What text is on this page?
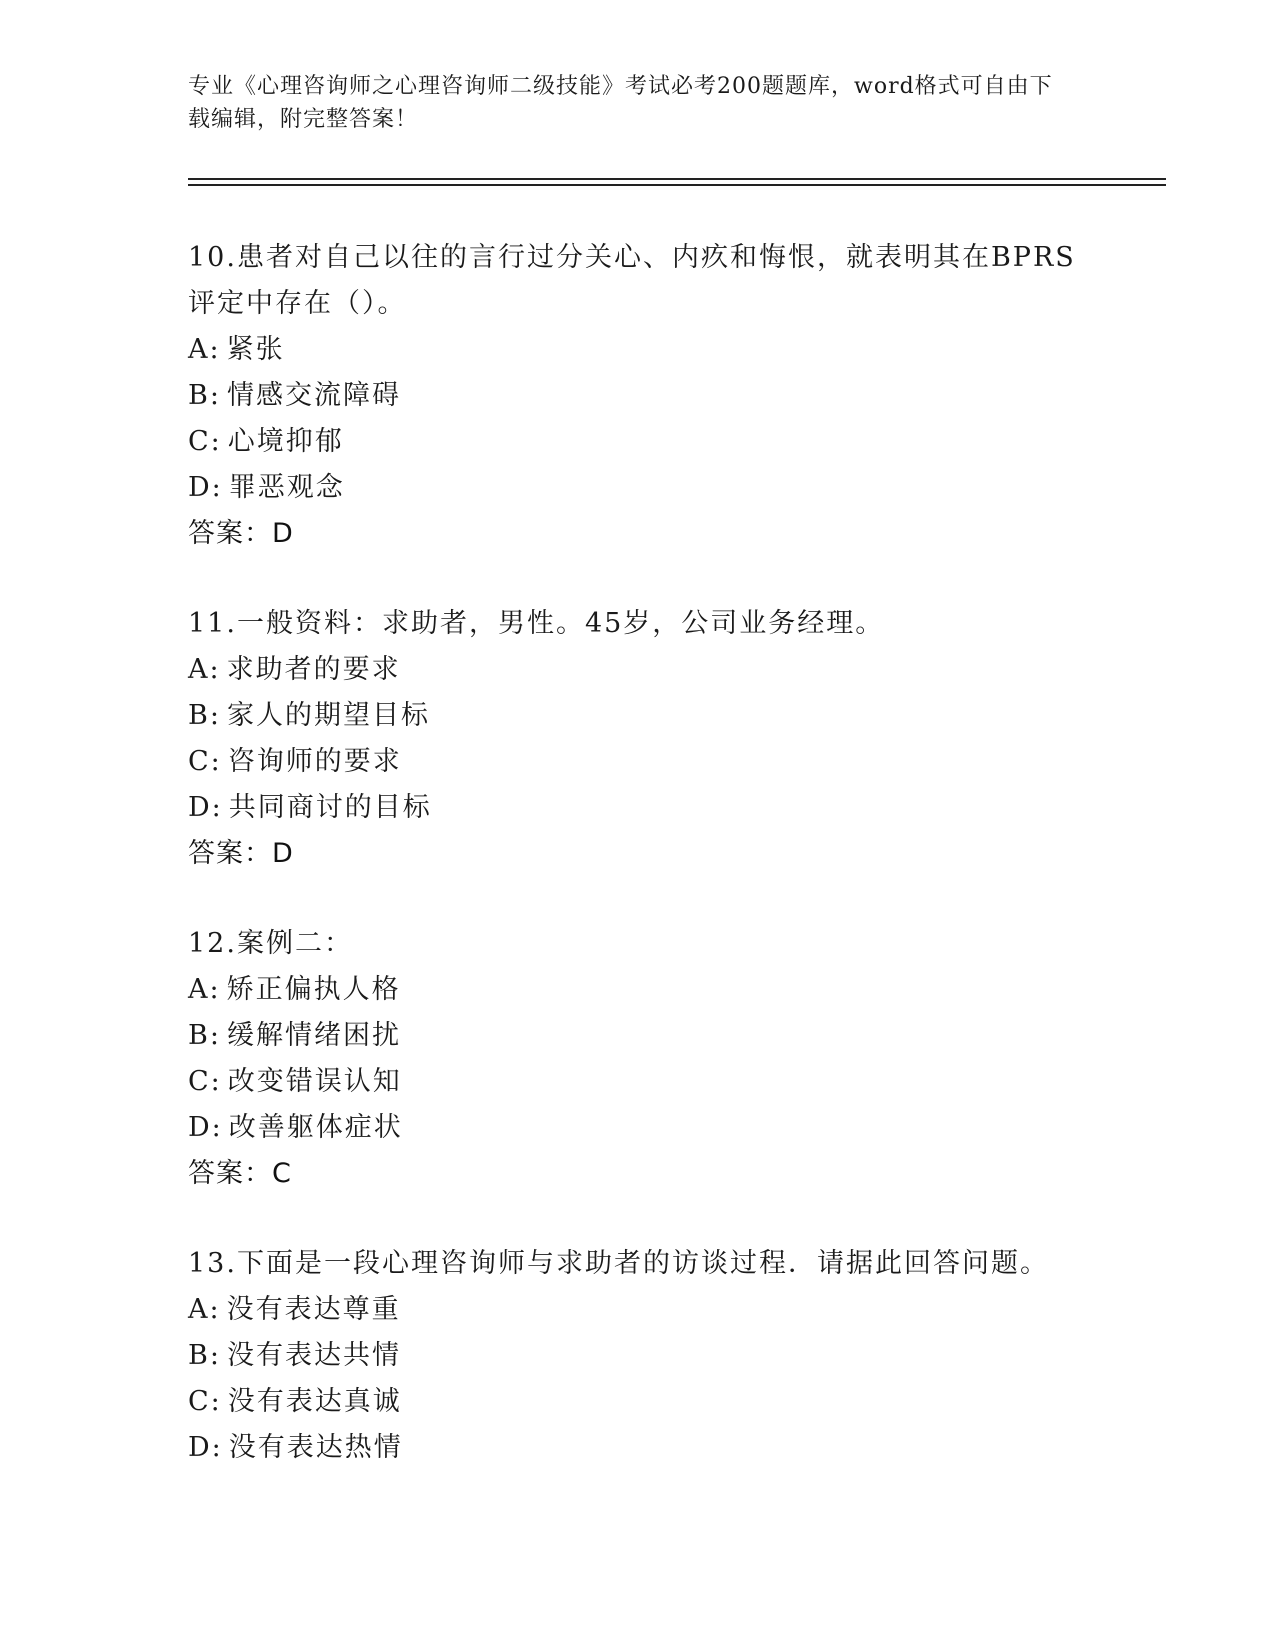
专业《心理咨询师之心理咨询师二级技能》考试必考200题题库，word格式可自由下载编辑，附完整答案！
10.患者对自己以往的言行过分关心、内疚和悔恨，就表明其在BPRS评定中存在（）。
A: 紧张
B: 情感交流障碍
C: 心境抑郁
D: 罪恶观念
答案：D
11.一般资料：求助者，男性。45岁，公司业务经理。
A: 求助者的要求
B: 家人的期望目标
C: 咨询师的要求
D: 共同商讨的目标
答案：D
12.案例二：
A: 矫正偏执人格
B: 缓解情绪困扰
C: 改变错误认知
D: 改善躯体症状
答案：C
13.下面是一段心理咨询师与求助者的访谈过程．请据此回答问题。
A: 没有表达尊重
B: 没有表达共情
C: 没有表达真诚
D: 没有表达热情
